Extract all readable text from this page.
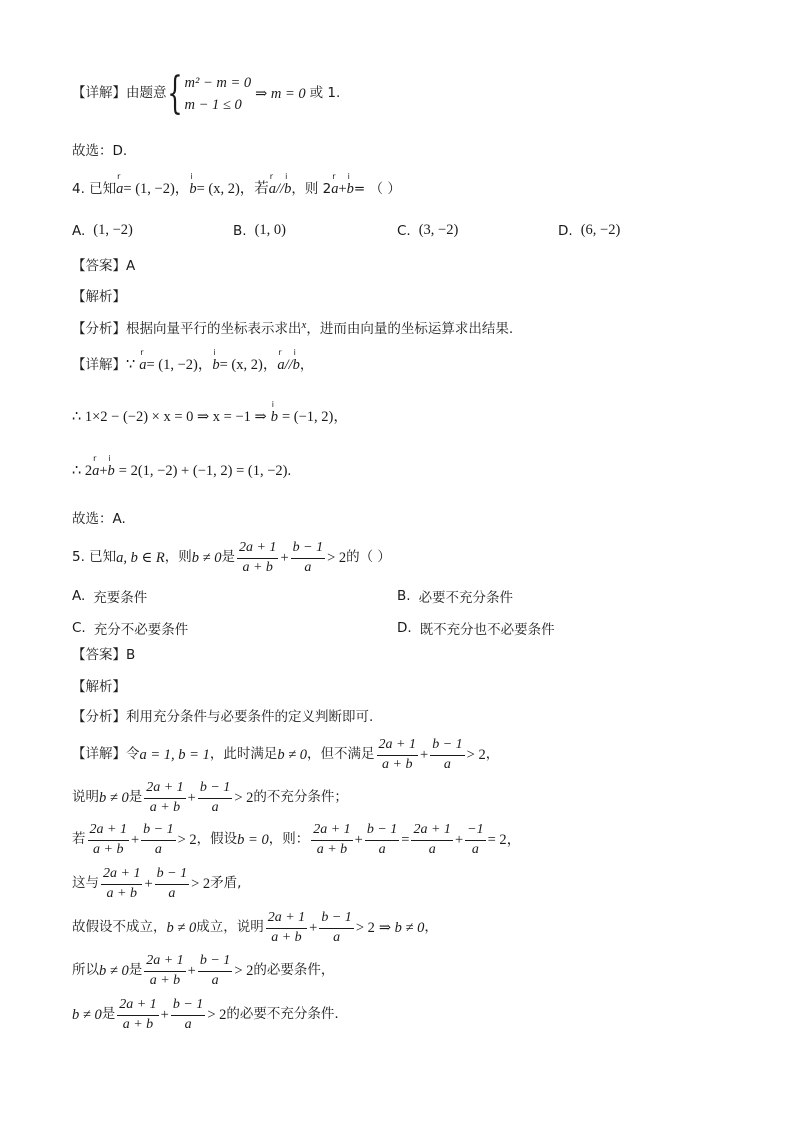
【详解】 由题意 { m² − m = 0
m − 1 ≤ 0
⇒ m = 0 或 1.
故选：D.
4. 已知
r
a = (1, −2)，
i
b = (x, 2)，若
r
a //
i
b ，则 2
r
a +
i
b = （ ）
A. (1, −2)	B. (1, 0)	C. (3, −2)	D. (6, −2)
【答案】A
【解析】
【分析】根据向量平行的坐标表示求出 x ，进而由向量的坐标运算求出结果.
【详解】 ∵
r
a = (1, −2)，
i
b = (x, 2)，
r
a //
i
b ，
∴ 1×2 − (−2) × x = 0 ⇒ x = −1 ⇒
i
b = (−1, 2)，
∴ 2
r
a +
i
b = 2(1, −2) + (−1, 2) = (1, −2).
故选：A.
5. 已知 a, b ∈ R ，则 b ≠ 0 是 $\frac{2a + 1}{a + b} + \frac{b - 1}{a} > 2$ 的（ ）
A. 充要条件	B. 必要不充分条件
C. 充分不必要条件	D. 既不充分也不必要条件
【答案】B
【解析】
【分析】利用充分条件与必要条件的定义判断即可.
【详解】令 a = 1, b = 1 ，此时满足 b ≠ 0 ，但不满足 $\frac{2a + 1}{a + b} + \frac{b - 1}{a} > 2$ ，
说明 b ≠ 0 是 $\frac{2a + 1}{a + b} + \frac{b - 1}{a} > 2$ 的不充分条件；
若 $\frac{2a + 1}{a + b} + \frac{b - 1}{a} > 2$ ，假设 b = 0 ，则： $\frac{2a + 1}{a + b} + \frac{b - 1}{a} = \frac{2a + 1}{a} + \frac{-1}{a} = 2$，
这与 $\frac{2a + 1}{a + b} + \frac{b - 1}{a} > 2$ 矛盾,
故假设不成立， b ≠ 0 成立，说明 $\frac{2a + 1}{a + b} + \frac{b - 1}{a} > 2$ ⇒ b ≠ 0 ，
所以 b ≠ 0 是 $\frac{2a + 1}{a + b} + \frac{b - 1}{a} > 2$ 的必要条件，
b ≠ 0 是 $\frac{2a + 1}{a + b} + \frac{b - 1}{a} > 2$ 的必要不充分条件.
